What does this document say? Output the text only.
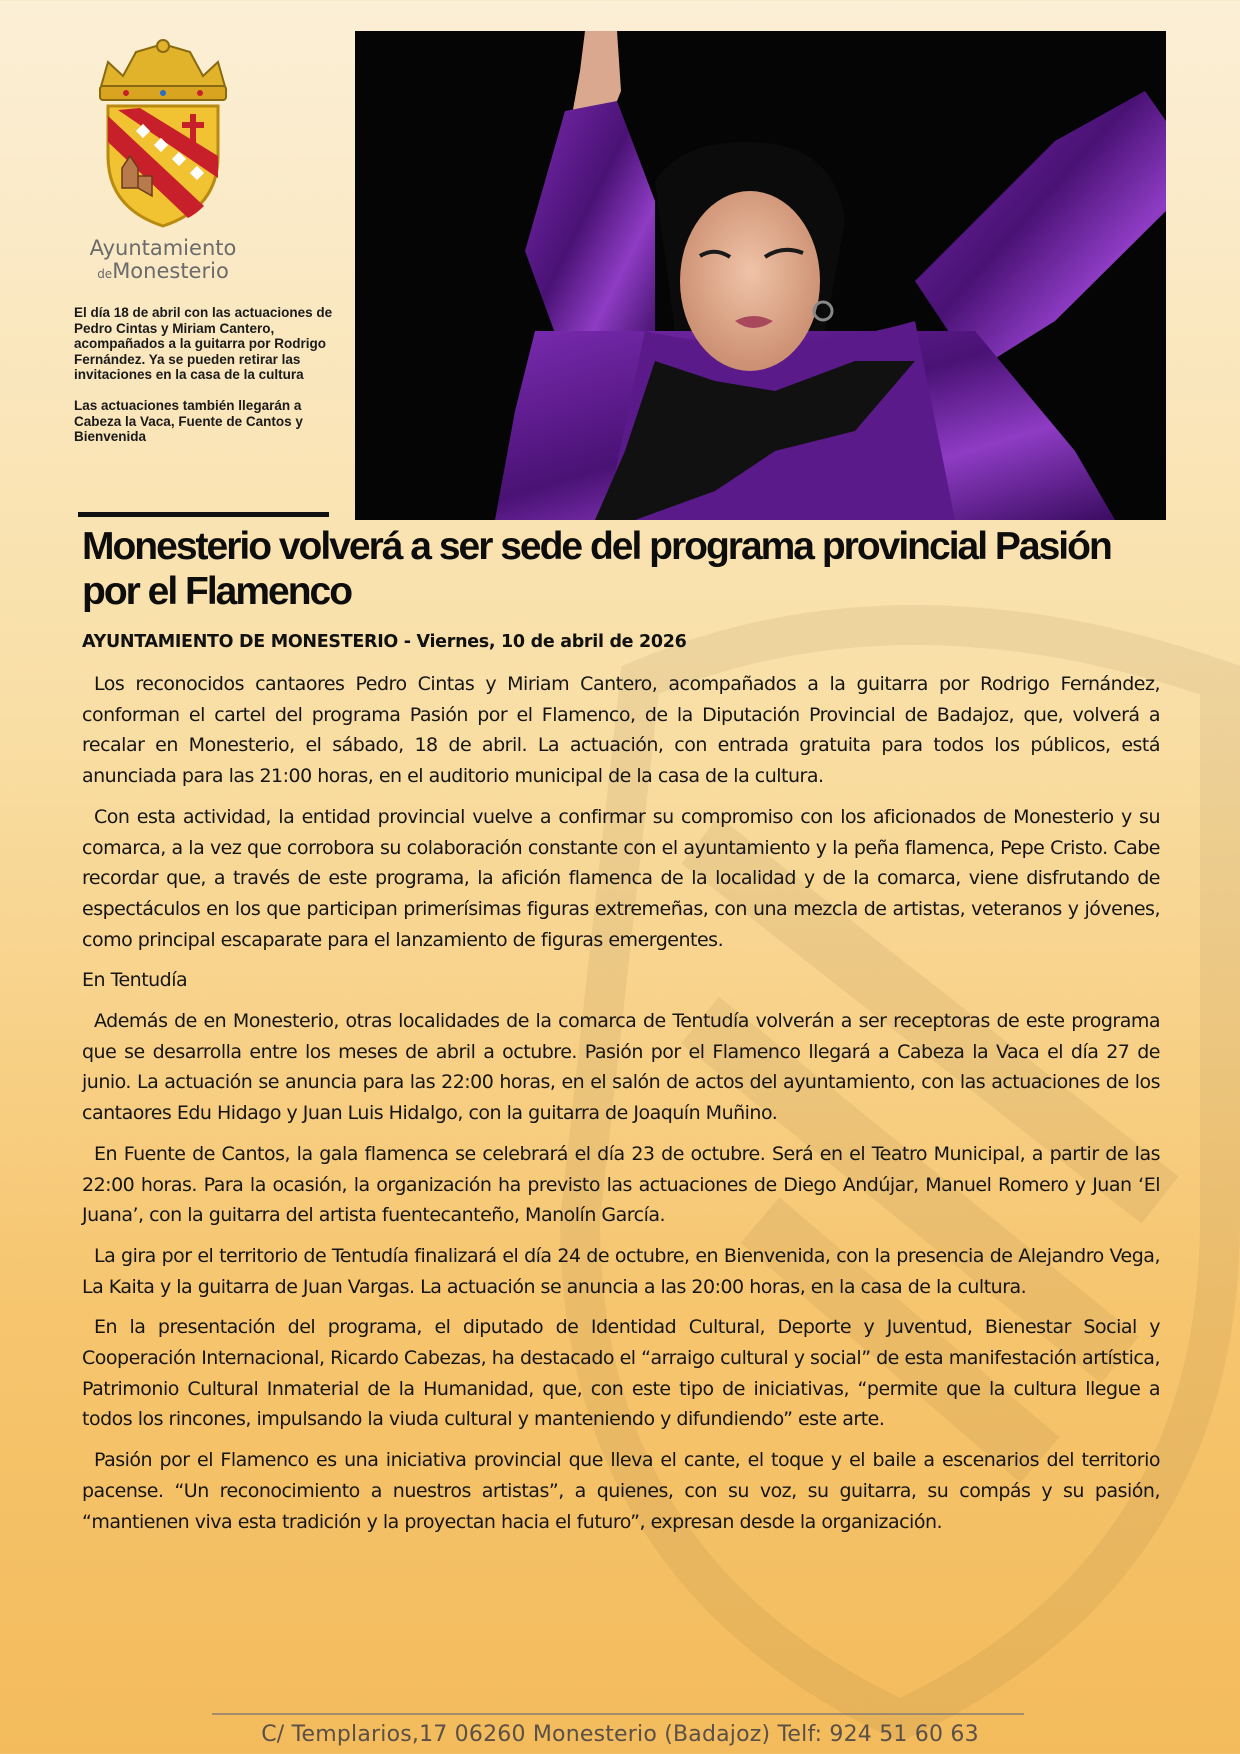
Ayuntamiento
deMonesterio

El día 18 de abril con las actuaciones de Pedro Cintas y Miriam Cantero, acompañados a la guitarra por Rodrigo Fernández. Ya se pueden retirar las invitaciones en la casa de la cultura

Las actuaciones también llegarán a Cabeza la Vaca, Fuente de Cantos y Bienvenida

Monesterio volverá a ser sede del programa provincial Pasión por el Flamenco
AYUNTAMIENTO DE MONESTERIO - Viernes, 10 de abril de 2026

Los reconocidos cantaores Pedro Cintas y Miriam Cantero, acompañados a la guitarra por Rodrigo Fernández, conforman el cartel del programa Pasión por el Flamenco, de la Diputación Provincial de Badajoz, que, volverá a recalar en Monesterio, el sábado, 18 de abril. La actuación, con entrada gratuita para todos los públicos, está anunciada para las 21:00 horas, en el auditorio municipal de la casa de la cultura.

Con esta actividad, la entidad provincial vuelve a confirmar su compromiso con los aficionados de Monesterio y su comarca, a la vez que corrobora su colaboración constante con el ayuntamiento y la peña flamenca, Pepe Cristo. Cabe recordar que, a través de este programa, la afición flamenca de la localidad y de la comarca, viene disfrutando de espectáculos en los que participan primerísimas figuras extremeñas, con una mezcla de artistas, veteranos y jóvenes, como principal escaparate para el lanzamiento de figuras emergentes.

En Tentudía

Además de en Monesterio, otras localidades de la comarca de Tentudía volverán a ser receptoras de este programa que se desarrolla entre los meses de abril a octubre. Pasión por el Flamenco llegará a Cabeza la Vaca el día 27 de junio. La actuación se anuncia para las 22:00 horas, en el salón de actos del ayuntamiento, con las actuaciones de los cantaores Edu Hidago y Juan Luis Hidalgo, con la guitarra de Joaquín Muñino.

En Fuente de Cantos, la gala flamenca se celebrará el día 23 de octubre. Será en el Teatro Municipal, a partir de las 22:00 horas. Para la ocasión, la organización ha previsto las actuaciones de Diego Andújar, Manuel Romero y Juan ‘El Juana’, con la guitarra del artista fuentecanteño, Manolín García.

La gira por el territorio de Tentudía finalizará el día 24 de octubre, en Bienvenida, con la presencia de Alejandro Vega, La Kaita y la guitarra de Juan Vargas. La actuación se anuncia a las 20:00 horas, en la casa de la cultura.

En la presentación del programa, el diputado de Identidad Cultural, Deporte y Juventud, Bienestar Social y Cooperación Internacional, Ricardo Cabezas, ha destacado el “arraigo cultural y social” de esta manifestación artística, Patrimonio Cultural Inmaterial de la Humanidad, que, con este tipo de iniciativas, “permite que la cultura llegue a todos los rincones, impulsando la viuda cultural y manteniendo y difundiendo” este arte.

Pasión por el Flamenco es una iniciativa provincial que lleva el cante, el toque y el baile a escenarios del territorio pacense. “Un reconocimiento a nuestros artistas”, a quienes, con su voz, su guitarra, su compás y su pasión, “mantienen viva esta tradición y la proyectan hacia el futuro”, expresan desde la organización.

C/ Templarios,17 06260 Monesterio (Badajoz) Telf: 924 51 60 63
